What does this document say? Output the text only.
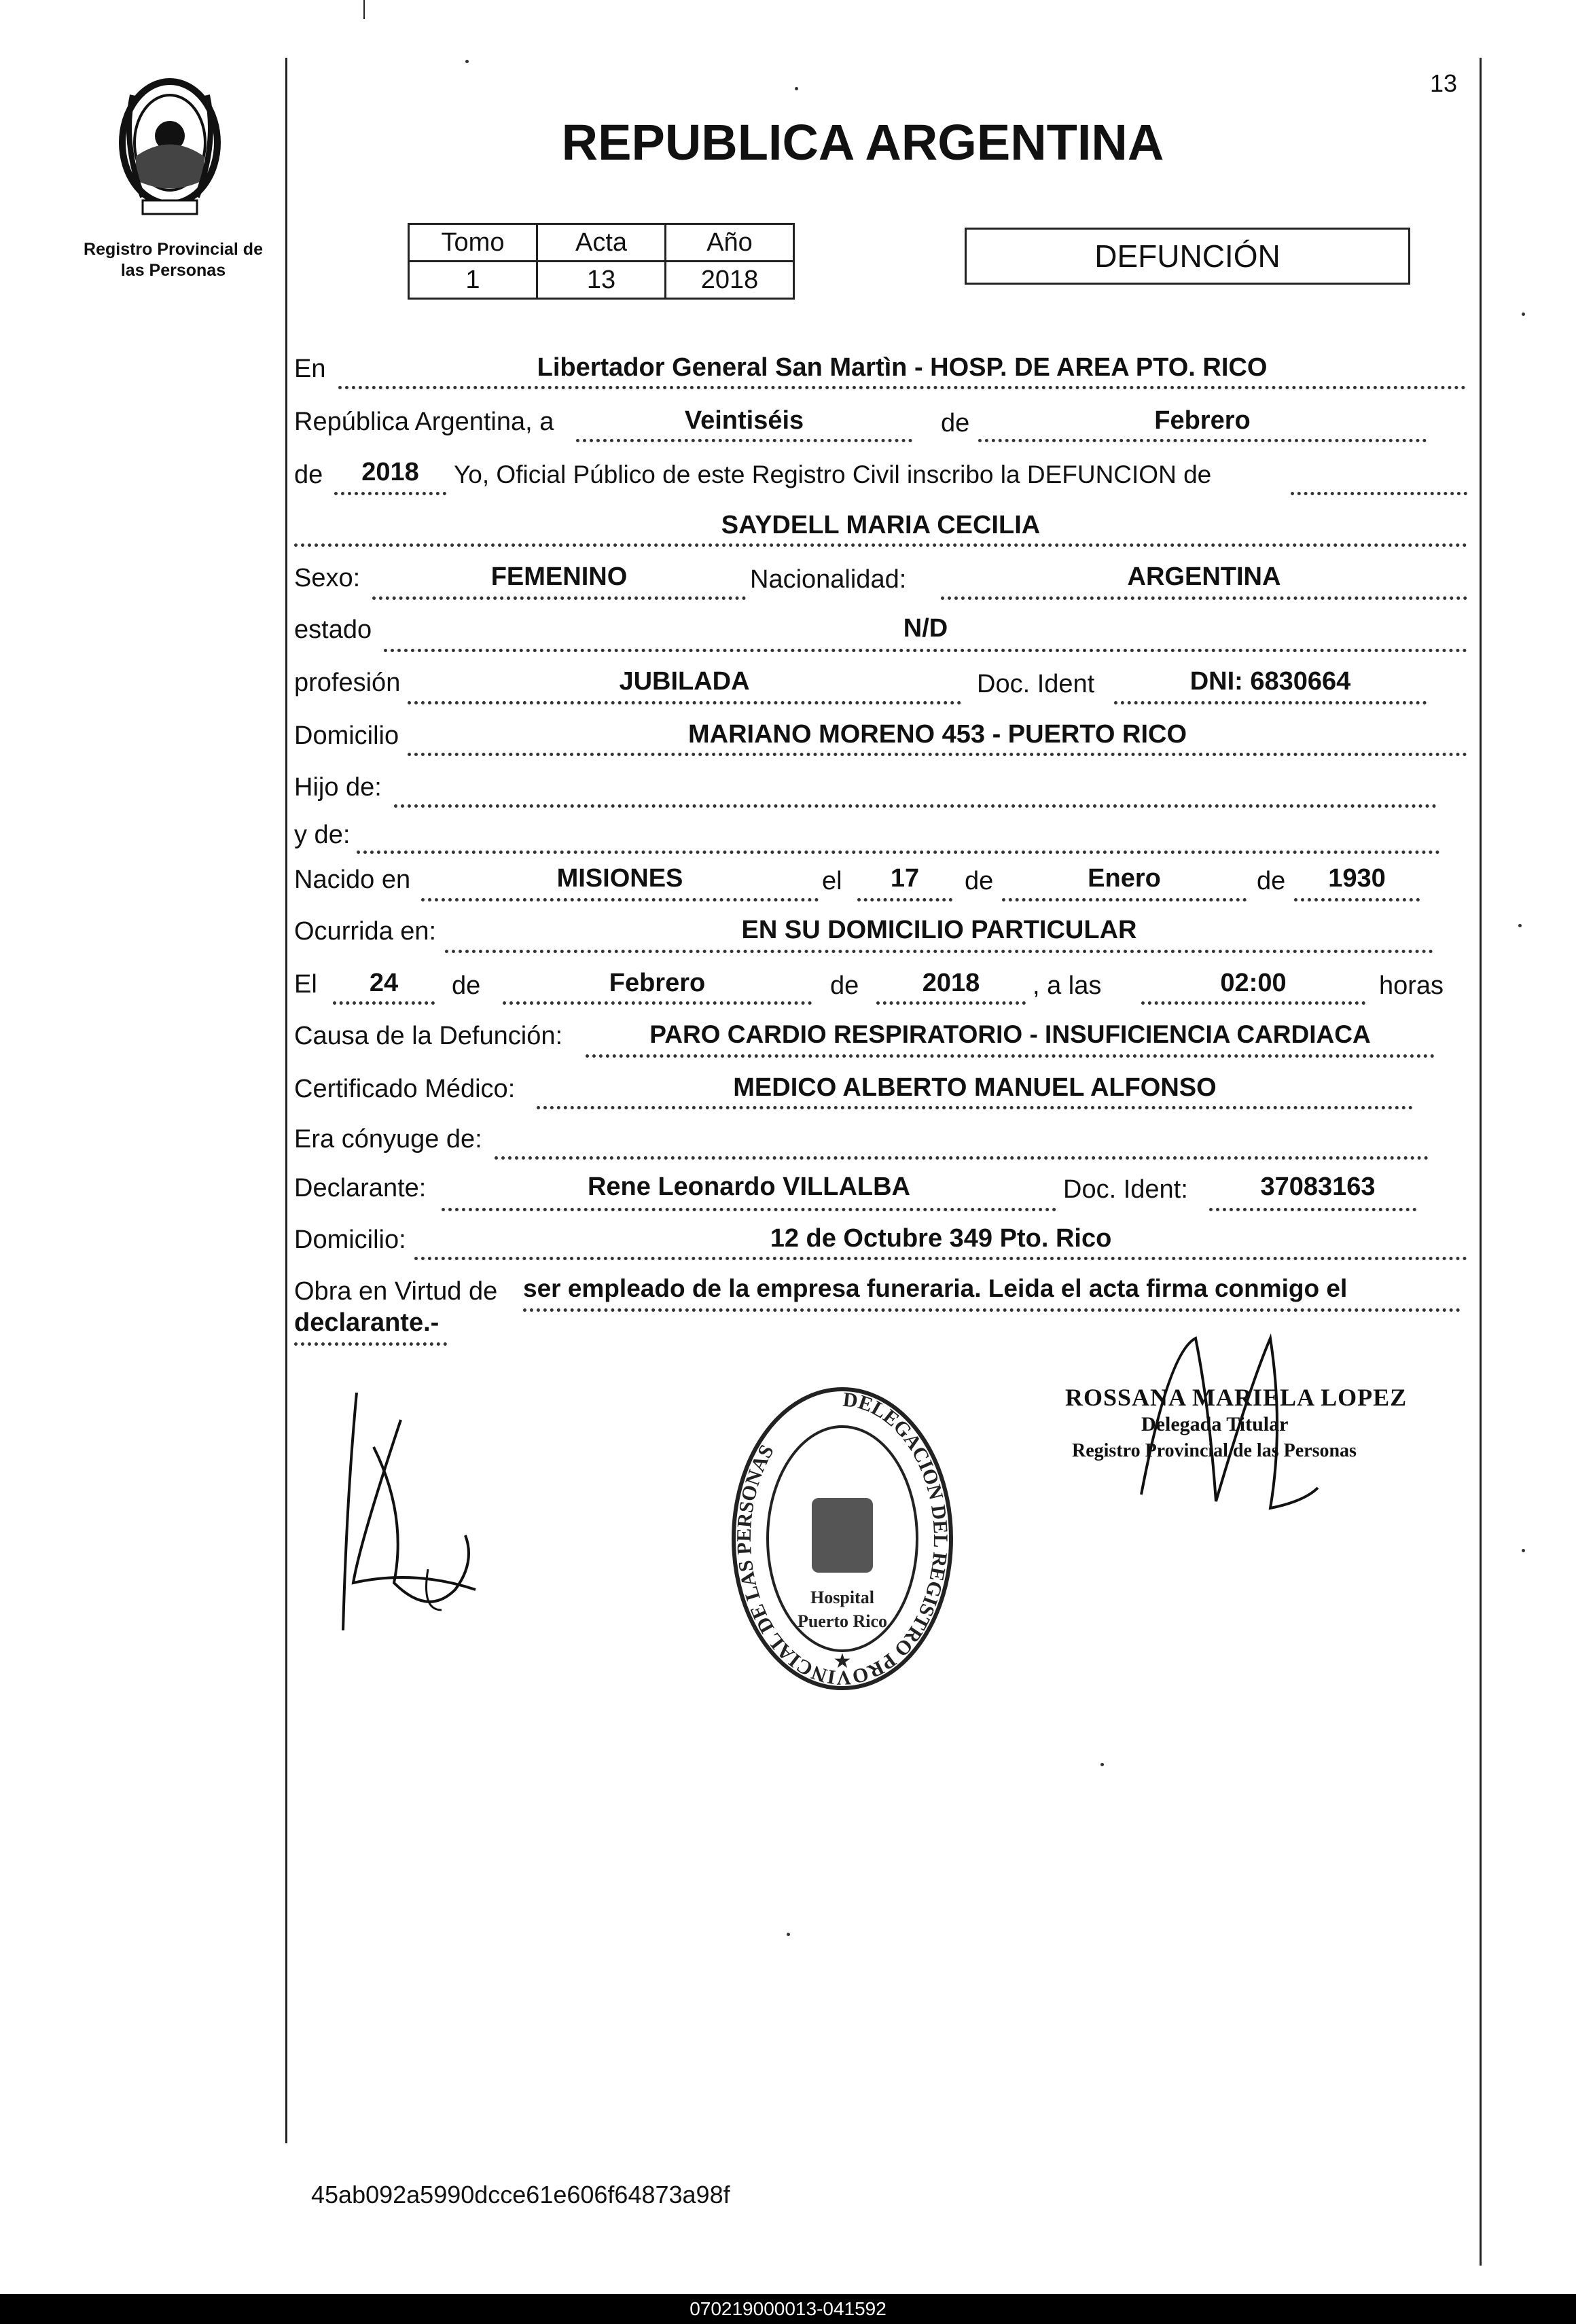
Registro Provincial de
las Personas
13
REPUBLICA ARGENTINA
Tomo	Acta	Año
1	13	2018
DEFUNCIÓN
En	Libertador General San Martìn - HOSP. DE AREA PTO. RICO
República Argentina, a	Veintiséis	de	Febrero
de	2018	Yo, Oficial Público de este Registro Civil inscribo la DEFUNCION de
SAYDELL MARIA CECILIA
Sexo:	FEMENINO	Nacionalidad:	ARGENTINA
estado	N/D
profesión	JUBILADA	Doc. Ident	DNI: 6830664
Domicilio	MARIANO MORENO 453 - PUERTO RICO
Hijo de:
y de:
Nacido en	MISIONES	el	17	de	Enero	de	1930
Ocurrida en:	EN SU DOMICILIO PARTICULAR
El	24	de	Febrero	de	2018	, a las	02:00	horas
Causa de la Defunción:	PARO CARDIO RESPIRATORIO - INSUFICIENCIA CARDIACA
Certificado Médico:	MEDICO ALBERTO MANUEL ALFONSO
Era cónyuge de:
Declarante:	Rene Leonardo VILLALBA	Doc. Ident:	37083163
Domicilio:	12 de Octubre 349 Pto. Rico
Obra en Virtud de ser empleado de la empresa funeraria. Leida el acta firma conmigo el
declarante.-
DELEGACION DEL REGISTRO PROVINCIAL DE LAS PERSONAS
Hospital
Puerto Rico
★
ROSSANA MARIELA LOPEZ
Delegada Titular
Registro Provincial de las Personas
45ab092a5990dcce61e606f64873a98f
070219000013-041592
